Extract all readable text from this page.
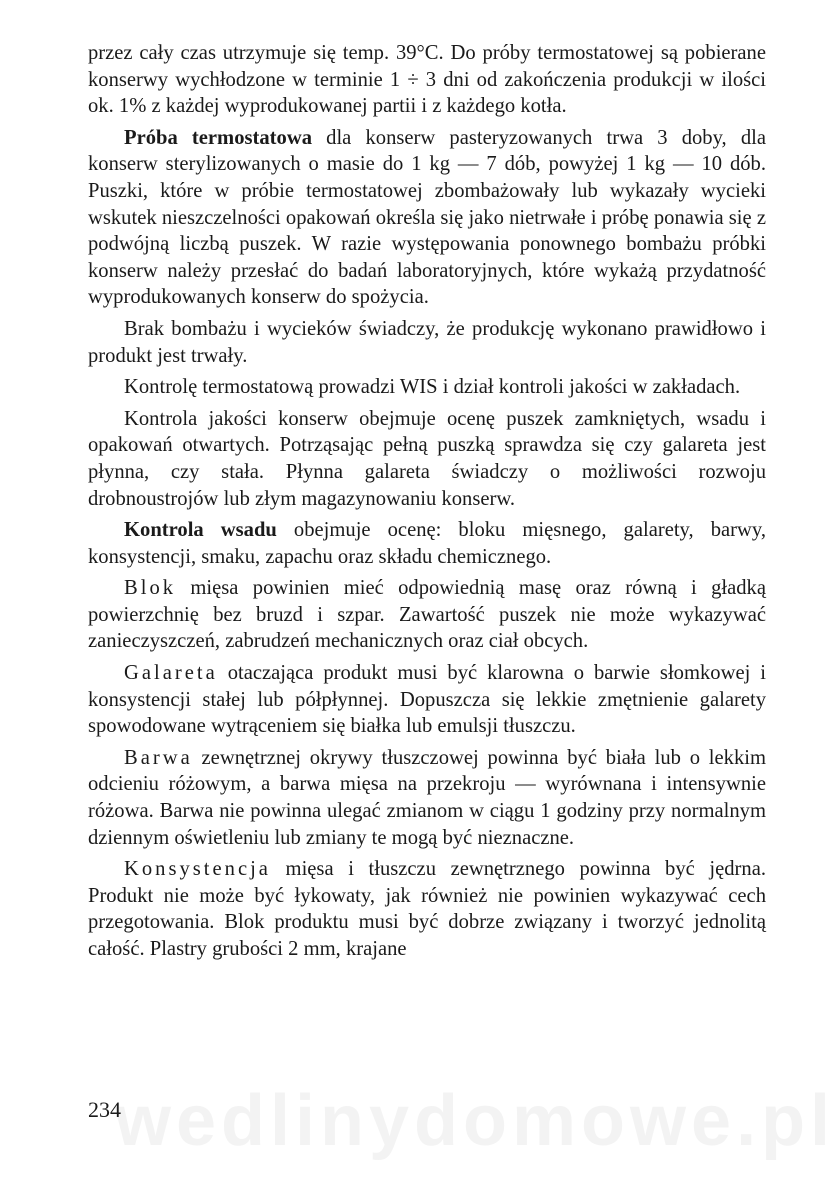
przez cały czas utrzymuje się temp. 39°C. Do próby termostatowej są pobierane konserwy wychłodzone w terminie 1 ÷ 3 dni od zakończenia produkcji w ilości ok. 1% z każdej wyprodukowanej partii i z każdego kotła.

Próba termostatowa dla konserw pasteryzowanych trwa 3 doby, dla konserw sterylizowanych o masie do 1 kg — 7 dób, powyżej 1 kg — 10 dób. Puszki, które w próbie termostatowej zbombażowały lub wykazały wycieki wskutek nieszczelności opakowań określa się jako nietrwałe i próbę ponawia się z podwójną liczbą puszek. W razie występowania ponownego bombażu próbki konserw należy przesłać do badań laboratoryjnych, które wykażą przydatność wyprodukowanych konserw do spożycia.

Brak bombażu i wycieków świadczy, że produkcję wykonano prawidłowo i produkt jest trwały.

Kontrolę termostatową prowadzi WIS i dział kontroli jakości w zakładach.

Kontrola jakości konserw obejmuje ocenę puszek zamkniętych, wsadu i opakowań otwartych. Potrząsając pełną puszką sprawdza się czy galareta jest płynna, czy stała. Płynna galareta świadczy o możliwości rozwoju drobnoustrojów lub złym magazynowaniu konserw.

Kontrola wsadu obejmuje ocenę: bloku mięsnego, galarety, barwy, konsystencji, smaku, zapachu oraz składu chemicznego.

Blok mięsa powinien mieć odpowiednią masę oraz równą i gładką powierzchnię bez bruzd i szpar. Zawartość puszek nie może wykazywać zanieczyszczeń, zabrudzeń mechanicznych oraz ciał obcych.

Galareta otaczająca produkt musi być klarowna o barwie słomkowej i konsystencji stałej lub półpłynnej. Dopuszcza się lekkie zmętnienie galarety spowodowane wytrąceniem się białka lub emulsji tłuszczu.

Barwa zewnętrznej okrywy tłuszczowej powinna być biała lub o lekkim odcieniu różowym, a barwa mięsa na przekroju — wyrównana i intensywnie różowa. Barwa nie powinna ulegać zmianom w ciągu 1 godziny przy normalnym dziennym oświetleniu lub zmiany te mogą być nieznaczne.

Konsystencja mięsa i tłuszczu zewnętrznego powinna być jędrna. Produkt nie może być łykowaty, jak również nie powinien wykazywać cech przegotowania. Blok produktu musi być dobrze związany i tworzyć jednolitą całość. Plastry grubości 2 mm, krajane

wedlinydomowe.pl
234
